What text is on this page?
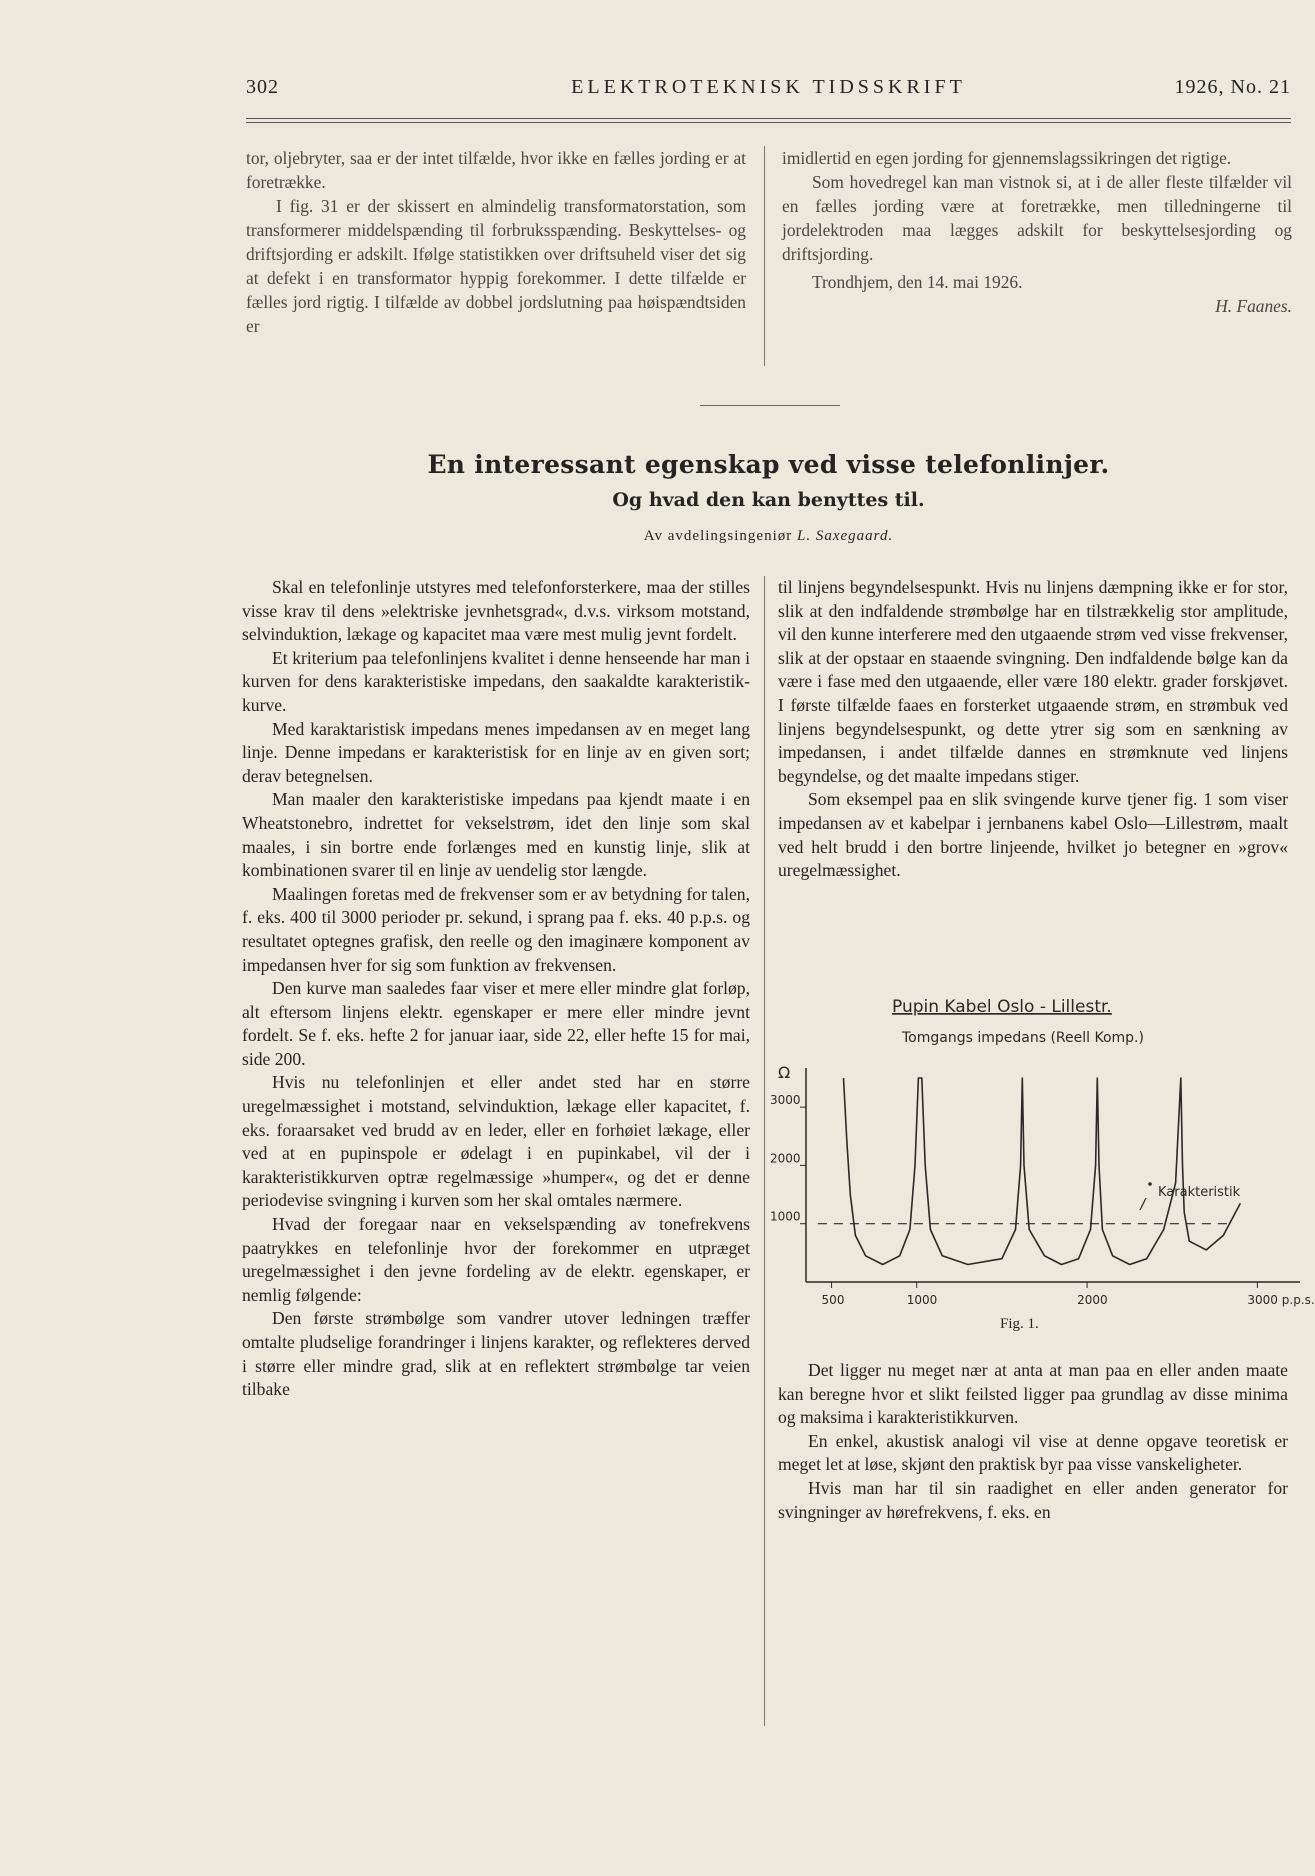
302	ELEKTROTEKNISK TIDSSKRIFT	1926, No. 21

tor, oljebryter, saa er der intet tilfælde, hvor ikke en fælles jording er at foretrække.

I fig. 31 er der skissert en almindelig transformatorstation, som transformerer middelspænding til forbruksspænding. Beskyttelses- og driftsjording er adskilt. Ifølge statistikken over driftsuheld viser det sig at defekt i en transformator hyppig forekommer. I dette tilfælde er fælles jord rigtig. I tilfælde av dobbel jordslutning paa høispændtsiden er

imidlertid en egen jording for gjennemslagssikringen det rigtige.

Som hovedregel kan man vistnok si, at i de aller fleste tilfælder vil en fælles jording være at foretrække, men tilledningerne til jordelektroden maa lægges adskilt for beskyttelsesjording og driftsjording.

Trondhjem, den 14. mai 1926.

H. Faanes.

En interessant egenskap ved visse telefonlinjer.
Og hvad den kan benyttes til.
Av avdelingsingeniør L. Saxegaard.

Skal en telefonlinje utstyres med telefonforsterkere, maa der stilles visse krav til dens »elektriske jevnhetsgrad«, d.v.s. virksom motstand, selvinduktion, lækage og kapacitet maa være mest mulig jevnt fordelt.

Et kriterium paa telefonlinjens kvalitet i denne henseende har man i kurven for dens karakteristiske impedans, den saakaldte karakteristik-kurve.

Med karaktaristisk impedans menes impedansen av en meget lang linje. Denne impedans er karakteristisk for en linje av en given sort; derav betegnelsen.

Man maaler den karakteristiske impedans paa kjendt maate i en Wheatstonebro, indrettet for vekselstrøm, idet den linje som skal maales, i sin bortre ende forlænges med en kunstig linje, slik at kombinationen svarer til en linje av uendelig stor længde.

Maalingen foretas med de frekvenser som er av betydning for talen, f. eks. 400 til 3000 perioder pr. sekund, i sprang paa f. eks. 40 p.p.s. og resultatet optegnes grafisk, den reelle og den imaginære komponent av impedansen hver for sig som funktion av frekvensen.

Den kurve man saaledes faar viser et mere eller mindre glat forløp, alt eftersom linjens elektr. egenskaper er mere eller mindre jevnt fordelt. Se f. eks. hefte 2 for januar iaar, side 22, eller hefte 15 for mai, side 200.

Hvis nu telefonlinjen et eller andet sted har en større uregelmæssighet i motstand, selvinduktion, lækage eller kapacitet, f. eks. foraarsaket ved brudd av en leder, eller en forhøiet lækage, eller ved at en pupinspole er ødelagt i en pupinkabel, vil der i karakteristikkurven optræ regelmæssige »humper«, og det er denne periodevise svingning i kurven som her skal omtales nærmere.

Hvad der foregaar naar en vekselspænding av tonefrekvens paatrykkes en telefonlinje hvor der forekommer en utpræget uregelmæssighet i den jevne fordeling av de elektr. egenskaper, er nemlig følgende:

Den første strømbølge som vandrer utover ledningen træffer omtalte pludselige forandringer i linjens karakter, og reflekteres derved i større eller mindre grad, slik at en reflektert strømbølge tar veien tilbake

til linjens begyndelsespunkt. Hvis nu linjens dæmpning ikke er for stor, slik at den indfaldende strømbølge har en tilstrækkelig stor amplitude, vil den kunne interferere med den utgaaende strøm ved visse frekvenser, slik at der opstaar en staaende svingning. Den indfaldende bølge kan da være i fase med den utgaaende, eller være 180 elektr. grader forskjøvet. I første tilfælde faaes en forsterket utgaaende strøm, en strømbuk ved linjens begyndelsespunkt, og dette ytrer sig som en sænkning av impedansen, i andet tilfælde dannes en strømknute ved linjens begyndelse, og det maalte impedans stiger.

Som eksempel paa en slik svingende kurve tjener fig. 1 som viser impedansen av et kabelpar i jernbanens kabel Oslo—Lillestrøm, maalt ved helt brudd i den bortre linjeende, hvilket jo betegner en »grov« uregelmæssighet.

Pupin Kabel Oslo - Lillestr.
Tomgangs impedans (Reell Komp.)
Ω
500	1000	2000	3000 p.p.s.
1000
2000
3000
Karakteristik
Fig. 1.

Det ligger nu meget nær at anta at man paa en eller anden maate kan beregne hvor et slikt feilsted ligger paa grundlag av disse minima og maksima i karakteristikkurven.

En enkel, akustisk analogi vil vise at denne opgave teoretisk er meget let at løse, skjønt den praktisk byr paa visse vanskeligheter.

Hvis man har til sin raadighet en eller anden generator for svingninger av hørefrekvens, f. eks. en
